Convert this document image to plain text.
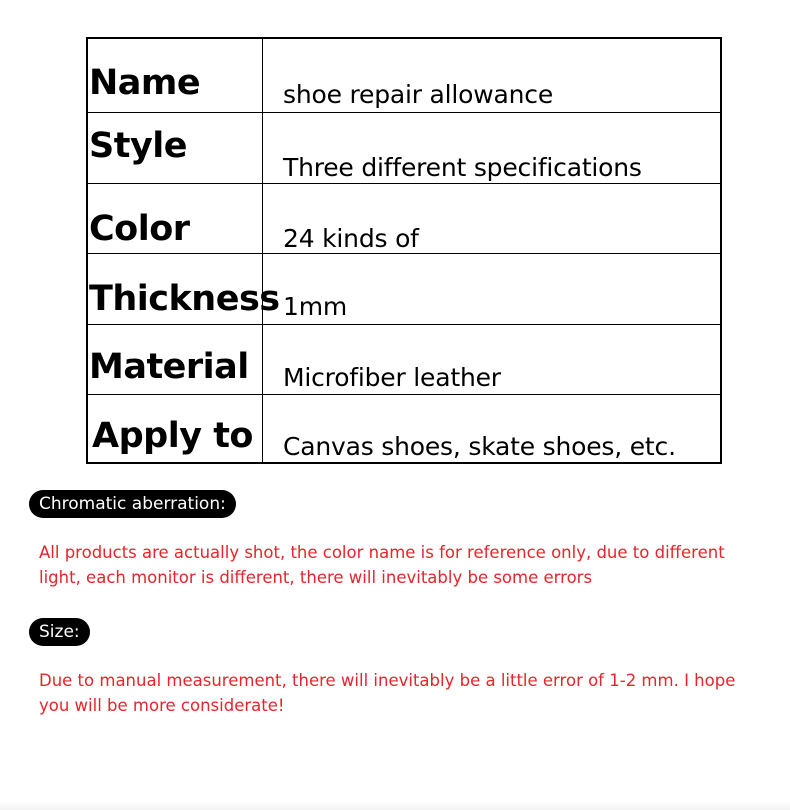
Name	shoe repair allowance
Style
Three different specifications
Color	24 kinds of
Thickness 1mm
Material Microfiber leather
Apply to Canvas shoes, skate shoes, etc.
Chromatic aberration:
All products are actually shot, the color name is for reference only, due to different light, each monitor is different, there will inevitably be some errors
Size:
Due to manual measurement, there will inevitably be a little error of 1-2 mm. I hope you will be more considerate!
